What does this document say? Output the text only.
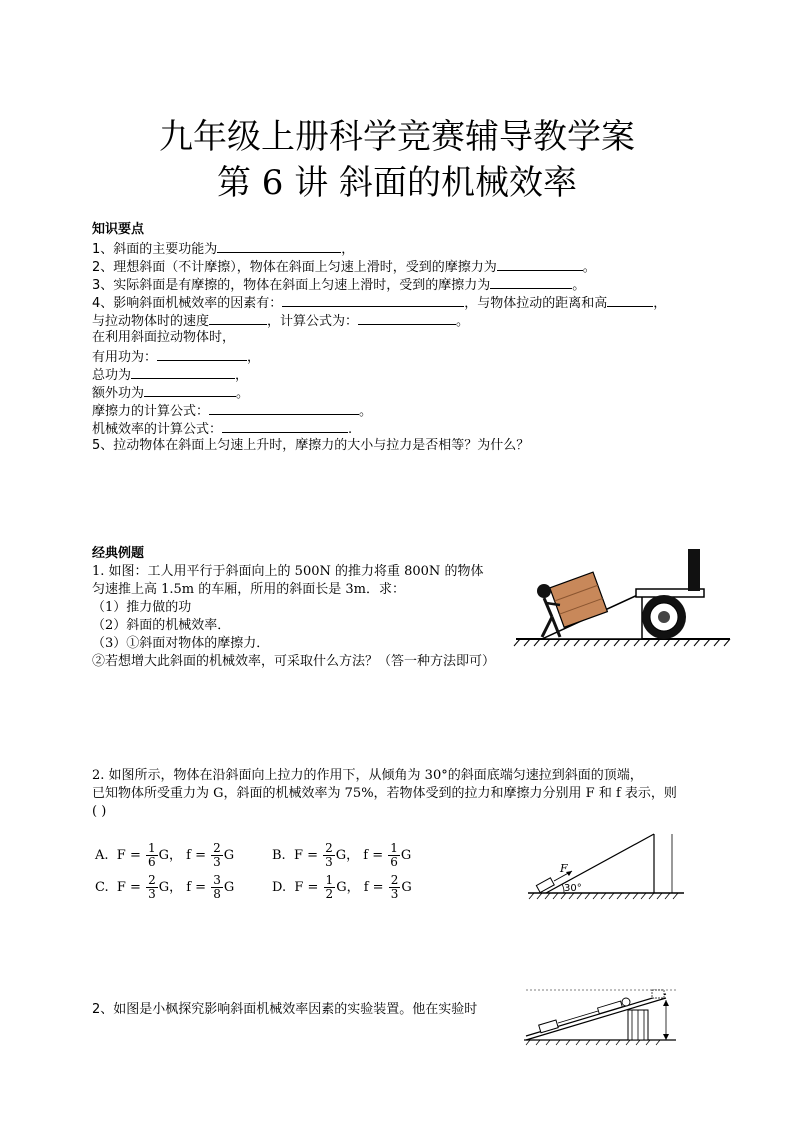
九年级上册科学竞赛辅导教学案
第 6 讲 斜面的机械效率
知识要点
1、斜面的主要功能为	，
2、理想斜面（不计摩擦），物体在斜面上匀速上滑时，受到的摩擦力为	。
3、实际斜面是有摩擦的，物体在斜面上匀速上滑时，受到的摩擦力为	。
4、影响斜面机械效率的因素有：	，与物体拉动的距离和高	，
与拉动物体时的速度	，计算公式为：	。
在利用斜面拉动物体时，
有用功为：	，
总功为	，
额外功为	。
摩擦力的计算公式：	。
机械效率的计算公式：	.
5、拉动物体在斜面上匀速上升时，摩擦力的大小与拉力是否相等？为什么？
经典例题
1. 如图：工人用平行于斜面向上的 500N 的推力将重 800N 的物体
匀速推上高 1.5m 的车厢，所用的斜面长是 3m．求：
（1）推力做的功
（2）斜面的机械效率．
（3）①斜面对物体的摩擦力．
②若想增大此斜面的机械效率，可采取什么方法？（答一种方法即可）
2. 如图所示，物体在沿斜面向上拉力的作用下，从倾角为 30°的斜面底端匀速拉到斜面的顶端，
已知物体所受重力为 G，斜面的机械效率为 75%，若物体受到的拉力和摩擦力分别用 F 和 f 表示，则
( )
A.  $F = \frac{1}{6}$ G， $f = \frac{2}{3}$ G	B.  $F = \frac{2}{3}$ G， $f = \frac{1}{6}$ G
C.  $F = \frac{2}{3}$ G， $f = \frac{3}{8}$ G	D.  $F = \frac{1}{2}$ G， $f = \frac{2}{3}$ G
F
30°
2、如图是小枫探究影响斜面机械效率因素的实验装置。他在实验时
